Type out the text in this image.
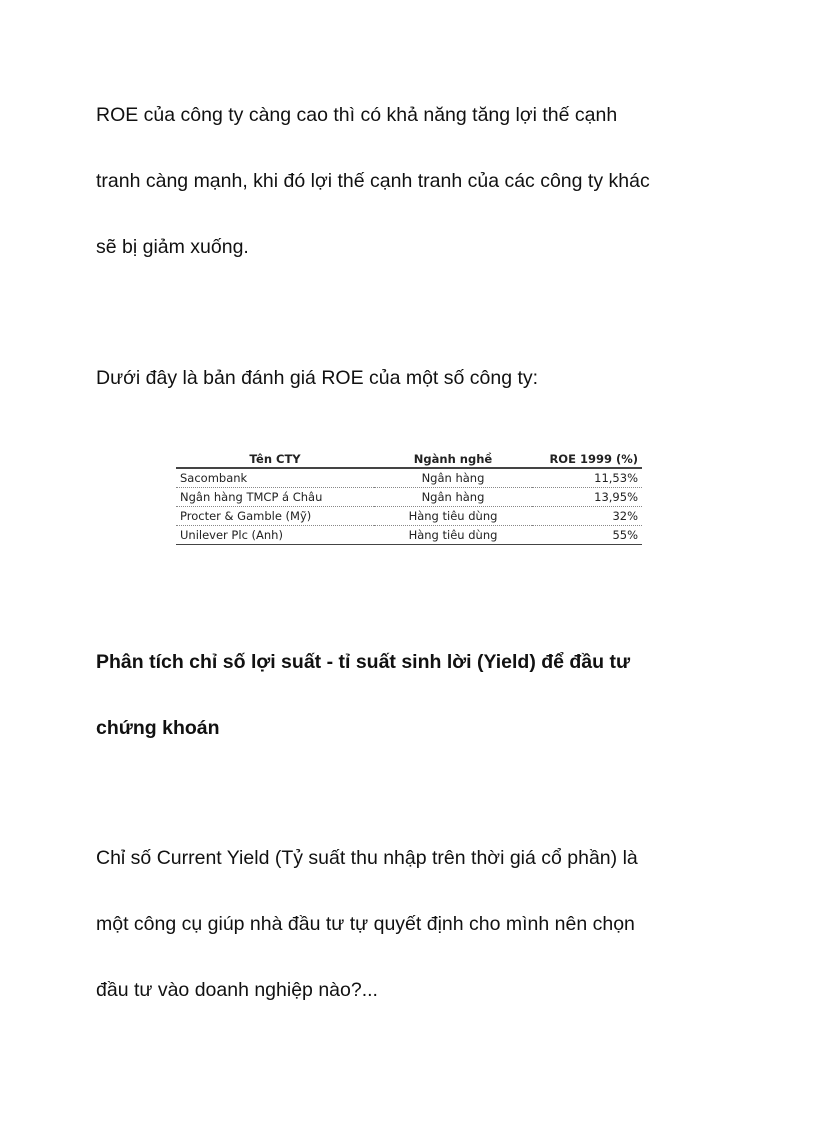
ROE của công ty càng cao thì có khả năng tăng lợi thế cạnh

tranh càng mạnh, khi đó lợi thế cạnh tranh của các công ty khác

sẽ bị giảm xuống.

Dưới đây là bản đánh giá ROE của một số công ty:

Tên CTY	Ngành nghề	ROE 1999 (%)
Sacombank	Ngân hàng	11,53%
Ngân hàng TMCP á Châu	Ngân hàng	13,95%
Procter & Gamble (Mỹ)	Hàng tiêu dùng	32%
Unilever Plc (Anh)	Hàng tiêu dùng	55%

Phân tích chỉ số lợi suất - tỉ suất sinh lời (Yield) để đầu tư

chứng khoán

Chỉ số Current Yield (Tỷ suất thu nhập trên thời giá cổ phần) là

một công cụ giúp nhà đầu tư tự quyết định cho mình nên chọn

đầu tư vào doanh nghiệp nào?...
